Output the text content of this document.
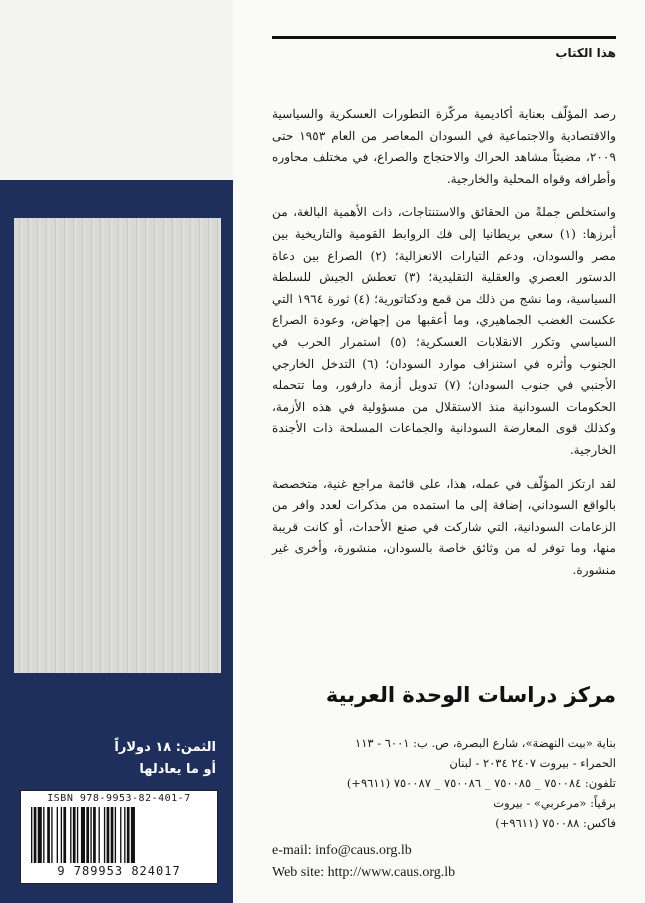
الثمن: ١٨ دولاراً
أو ما يعادلها
ISBN 978-9953-82-401-7
9 789953 824017
هذا الكتاب

رصد المؤلّف بعناية أكاديمية مركّزة التطورات العسكرية والسياسية والاقتصادية والاجتماعية في السودان المعاصر من العام ١٩٥٣ حتى ٢٠٠٩، مضيئاً مشاهد الحراك والاحتجاج والصراع، في مختلف محاوره وأطرافه وقواه المحلية والخارجية.

واستخلص جملةً من الحقائق والاستنتاجات، ذات الأهمية البالغة، من أبرزها: (١) سعي بريطانيا إلى فك الروابط القومية والتاريخية بين مصر والسودان، ودعم التيارات الانعزالية؛ (٢) الصراع بين دعاة الدستور العصري والعقلية التقليدية؛ (٣) تعطش الجيش للسلطة السياسية، وما نشج من ذلك من قمع ودكتاتورية؛ (٤) ثورة ١٩٦٤ التي عكست الغضب الجماهيري، وما أعقبها من إجهاض، وعودة الصراع السياسي وتكرر الانقلابات العسكرية؛ (٥) استمرار الحرب في الجنوب وأثره في استنزاف موارد السودان؛ (٦) التدخل الخارجي الأجنبي في جنوب السودان؛ (٧) تدويل أزمة دارفور، وما تتحمله الحكومات السودانية منذ الاستقلال من مسؤولية في هذه الأزمة، وكذلك قوى المعارضة السودانية والجماعات المسلحة ذات الأجندة الخارجية.

لقد ارتكز المؤلّف في عمله، هذا، على قائمة مراجع غنية، متخصصة بالواقع السوداني، إضافة إلى ما استمده من مذكرات لعدد وافر من الزعامات السودانية، التي شاركت في صنع الأحداث، أو كانت قريبة منها، وما توفر له من وثائق خاصة بالسودان، منشورة، وأخرى غير منشورة.

مركز دراسات الوحدة العربية
بناية «بيت النهضة»، شارع البصرة، ص. ب: ٦٠٠١ - ١١٣
الحمراء - بيروت ٢٤٠٧ ٢٠٣٤ - لبنان
تلفون: ٧٥٠٠٨٤ _ ٧٥٠٠٨٥ _ ٧٥٠٠٨٦ _ ٧٥٠٠٨٧ (٩٦١١+)
برقياً: «مرعربي» - بيروت
فاكس: ٧٥٠٠٨٨ (٩٦١١+)
e-mail: info@caus.org.lb
Web site: http://www.caus.org.lb
